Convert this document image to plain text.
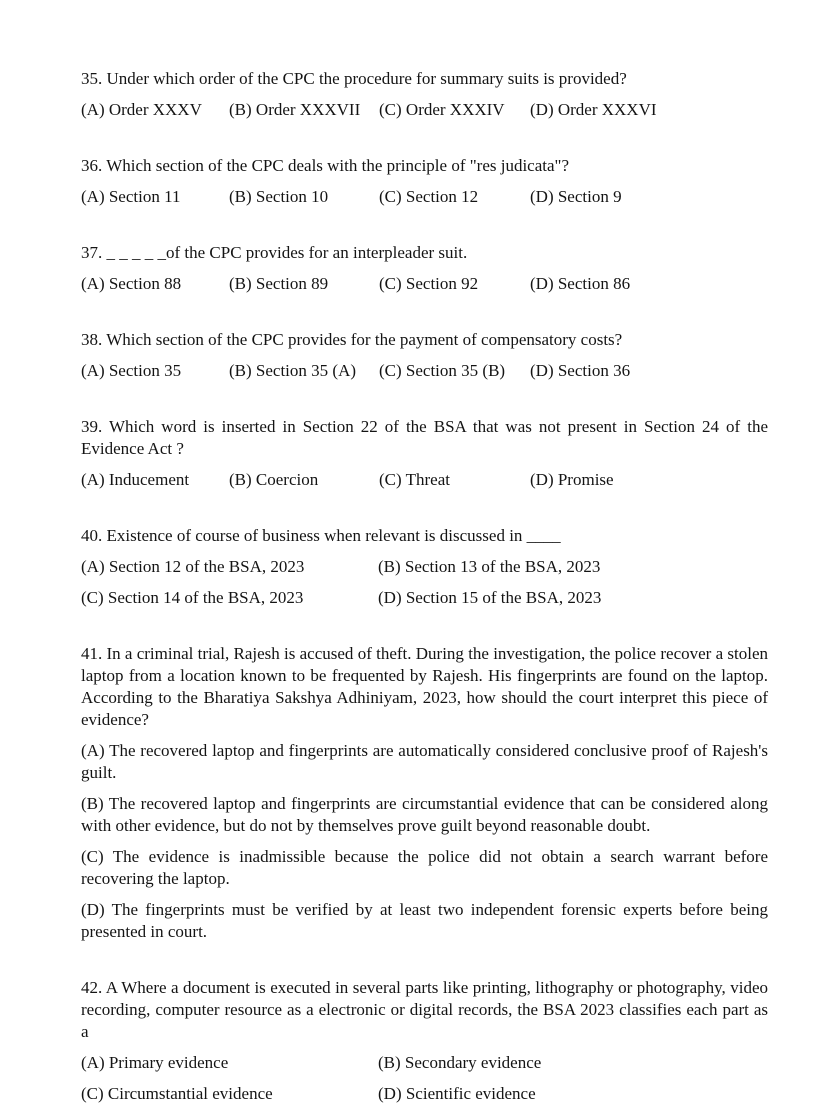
35. Under which order of the CPC the procedure for summary suits is provided?

(A) Order XXXV	(B) Order XXXVII	(C) Order XXXIV	(D) Order XXXVI

36. Which section of the CPC deals with the principle of "res judicata"?

(A) Section 11	(B) Section 10	(C) Section 12	(D) Section 9

37. _ _ _ _ _of the CPC provides for an interpleader suit.

(A) Section 88	(B) Section 89	(C) Section 92	(D) Section 86

38. Which section of the CPC provides for the payment of compensatory costs?

(A) Section 35	(B) Section 35 (A)	(C) Section 35 (B)	(D) Section 36

39. Which word is inserted in Section 22 of the BSA that was not present in Section 24 of the Evidence Act ?

(A) Inducement	(B) Coercion	(C) Threat	(D) Promise

40. Existence of course of business when relevant is discussed in ____

(A) Section 12 of the BSA, 2023	(B) Section 13 of the BSA, 2023
(C) Section 14 of the BSA, 2023	(D) Section 15 of the BSA, 2023

41. In a criminal trial, Rajesh is accused of theft. During the investigation, the police recover a stolen laptop from a location known to be frequented by Rajesh. His fingerprints are found on the laptop. According to the Bharatiya Sakshya Adhiniyam, 2023, how should the court interpret this piece of evidence?

(A) The recovered laptop and fingerprints are automatically considered conclusive proof of Rajesh's guilt.

(B) The recovered laptop and fingerprints are circumstantial evidence that can be considered along with other evidence, but do not by themselves prove guilt beyond reasonable doubt.

(C) The evidence is inadmissible because the police did not obtain a search warrant before recovering the laptop.

(D) The fingerprints must be verified by at least two independent forensic experts before being presented in court.

42. A Where a document is executed in several parts like printing, lithography or photography, video recording, computer resource as a electronic or digital records, the BSA 2023 classifies each part as a

(A) Primary evidence	(B) Secondary evidence
(C) Circumstantial evidence	(D) Scientific evidence
